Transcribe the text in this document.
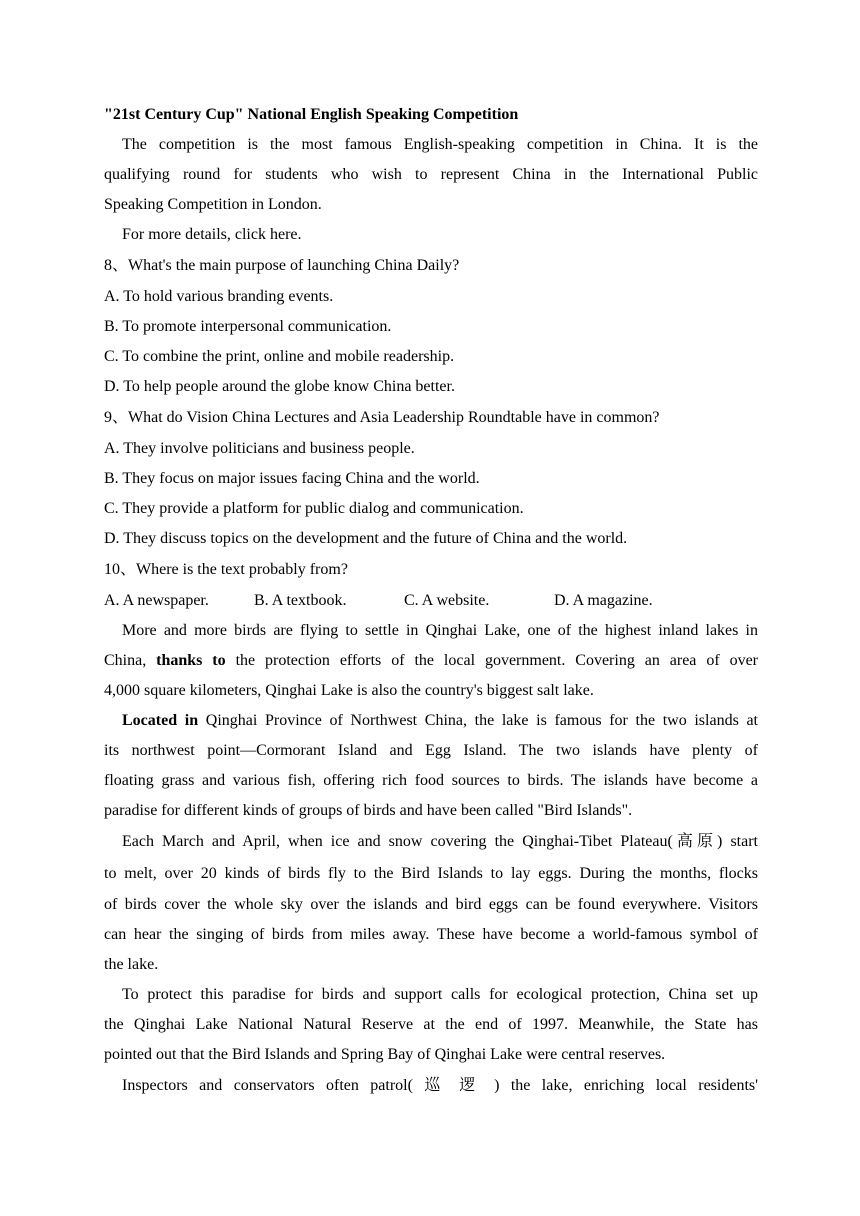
"21st Century Cup" National English Speaking Competition
The competition is the most famous English-speaking competition in China. It is the
qualifying round for students who wish to represent China in the International Public
Speaking Competition in London.
For more details, click here.
8、What's the main purpose of launching China Daily?
A. To hold various branding events.
B. To promote interpersonal communication.
C. To combine the print, online and mobile readership.
D. To help people around the globe know China better.
9、What do Vision China Lectures and Asia Leadership Roundtable have in common?
A. They involve politicians and business people.
B. They focus on major issues facing China and the world.
C. They provide a platform for public dialog and communication.
D. They discuss topics on the development and the future of China and the world.
10、Where is the text probably from?
A. A newspaper.	B. A textbook.	C. A website.	D. A magazine.
More and more birds are flying to settle in Qinghai Lake, one of the highest inland lakes in
China, thanks to the protection efforts of the local government. Covering an area of over
4,000 square kilometers, Qinghai Lake is also the country's biggest salt lake.
Located in Qinghai Province of Northwest China, the lake is famous for the two islands at
its northwest point—Cormorant Island and Egg Island. The two islands have plenty of
floating grass and various fish, offering rich food sources to birds. The islands have become a
paradise for different kinds of groups of birds and have been called "Bird Islands".
Each March and April, when ice and snow covering the Qinghai-Tibet Plateau(高原) start
to melt, over 20 kinds of birds fly to the Bird Islands to lay eggs. During the months, flocks
of birds cover the whole sky over the islands and bird eggs can be found everywhere. Visitors
can hear the singing of birds from miles away. These have become a world-famous symbol of
the lake.
To protect this paradise for birds and support calls for ecological protection, China set up
the Qinghai Lake National Natural Reserve at the end of 1997. Meanwhile, the State has
pointed out that the Bird Islands and Spring Bay of Qinghai Lake were central reserves.
Inspectors and conservators often patrol( 巡 逻 ) the lake, enriching local residents'
